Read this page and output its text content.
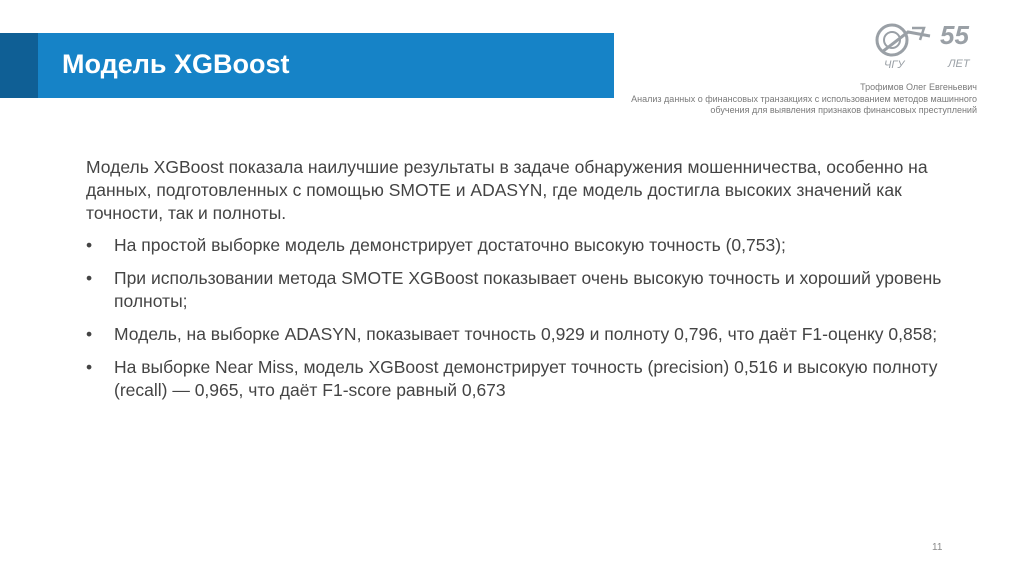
Модель XGBoost
55
ЧГУ	ЛЕТ
Трофимов Олег Евгеньевич
Анализ данных о финансовых транзакциях с использованием методов машинного обучения для выявления признаков финансовых преступлений

Модель XGBoost показала наилучшие результаты в задаче обнаружения мошенничества, особенно на данных, подготовленных с помощью SMOTE и ADASYN, где модель достигла высоких значений как точности, так и полноты.

• На простой выборке модель демонстрирует достаточно высокую точность (0,753);
• При использовании метода SMOTE XGBoost показывает очень высокую точность и хороший уровень полноты;
• Модель, на выборке ADASYN, показывает точность 0,929 и полноту 0,796, что даёт F1-оценку 0,858;
• На выборке Near Miss, модель XGBoost демонстрирует точность (precision) 0,516 и высокую полноту (recall) — 0,965, что даёт F1-score равный 0,673
11
